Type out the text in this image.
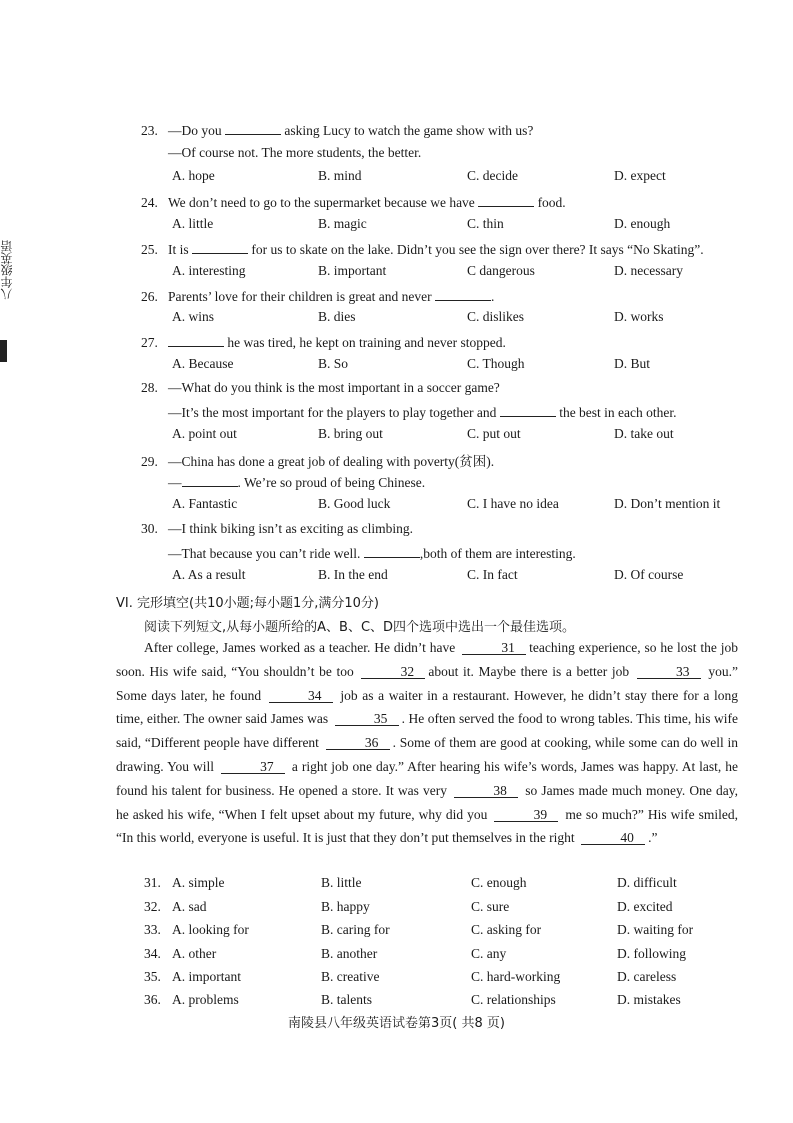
八年级英语
23. —Do you	asking Lucy to watch the game show with us?
—Of course not. The more students, the better.
A. hope	B. mind	C. decide	D. expect
24. We don’t need to go to the supermarket because we have	food.
A. little	B. magic	C. thin	D. enough
25. It is	for us to skate on the lake. Didn’t you see the sign over there? It says “No Skating”.
A. interesting	B. important	C dangerous	D. necessary
26. Parents’ love for their children is great and never	.
A. wins	B. dies	C. dislikes	D. works
27.	he was tired, he kept on training and never stopped.
A. Because	B. So	C. Though	D. But
28. —What do you think is the most important in a soccer game?
—It’s the most important for the players to play together and	the best in each other.
A. point out	B. bring out	C. put out	D. take out
29. —China has done a great job of dealing with poverty(贫困).
—	. We’re so proud of being Chinese.
A. Fantastic	B. Good luck	C. I have no idea	D. Don’t mention it
30. —I think biking isn’t as exciting as climbing.
—That because you can’t ride well.	,both of them are interesting.
A. As a result	B. In the end	C. In fact	D. Of course
VI. 完形填空(共10小题;每小题1分,满分10分)
阅读下列短文,从每小题所给的A、B、C、D四个选项中选出一个最佳选项。
After college, James worked as a teacher. He didn’t have	31 teaching experience, so he lost the job soon. His wife said, “You shouldn’t be too	32 about it. Maybe there is a better job	33 you.” Some days later, he found	34 job as a waiter in a restaurant. However, he didn’t stay there for a long time, either. The owner said James was	35 . He often served the food to wrong tables. This time, his wife said, “Different people have different	36 . Some of them are good at cooking, while some can do well in drawing. You will	37 a right job one day.” After hearing his wife’s words, James was happy. At last, he found his talent for business. He opened a store. It was very	38 so James made much money. One day, he asked his wife, “When I felt upset about my future, why did you	39 me so much?” His wife smiled, “In this world, everyone is useful. It is just that they don’t put themselves in the right	40 .”
31. A. simple	B. little	C. enough	D. difficult
32. A. sad	B. happy	C. sure	D. excited
33. A. looking for	B. caring for	C. asking for	D. waiting for
34. A. other	B. another	C. any	D. following
35. A. important	B. creative	C. hard-working	D. careless
36. A. problems	B. talents	C. relationships	D. mistakes
南陵县八年级英语试卷第3页( 共8 页)
